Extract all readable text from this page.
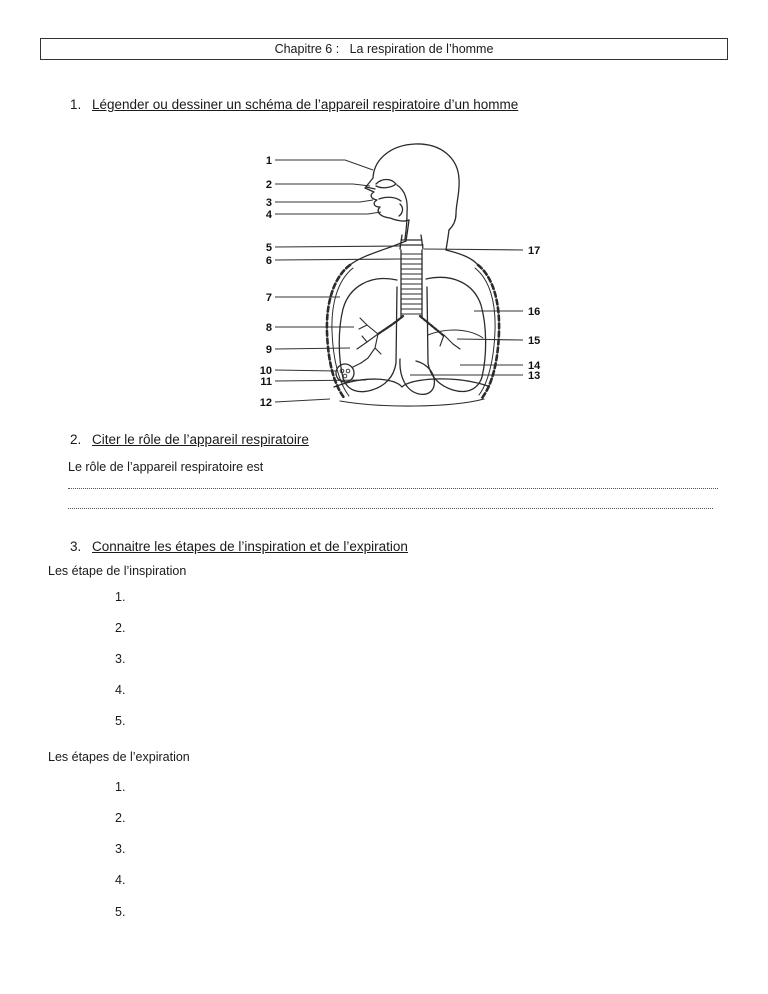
Chapitre 6 :   La respiration de l’homme
1. Légender ou dessiner un schéma de l’appareil respiratoire d’un homme
1
2
3
4
5
6
7
8
9
10
11
12
17
16
15
14
13
2. Citer le rôle de l’appareil respiratoire
Le rôle de l’appareil respiratoire est
3. Connaitre les étapes de l’inspiration et de l’expiration
Les étape de l’inspiration
1.
2.
3.
4.
5.
Les étapes de l’expiration
1.
2.
3.
4.
5.
